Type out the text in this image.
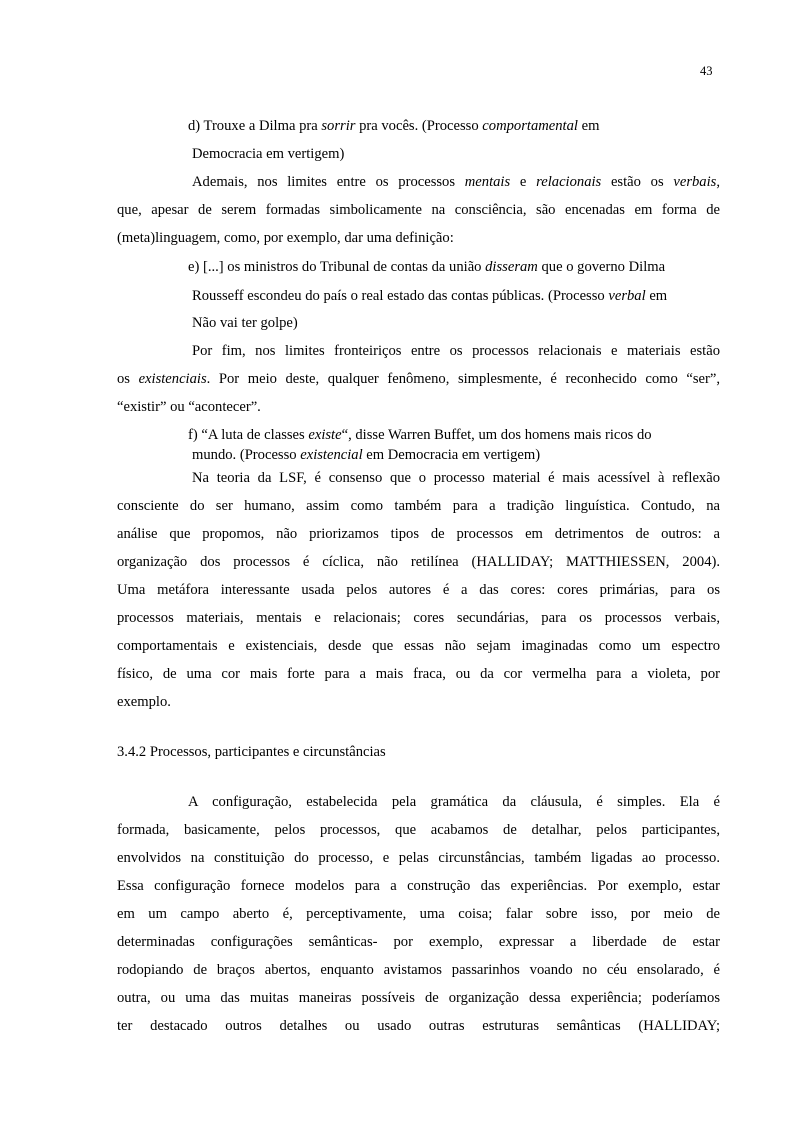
43
d) Trouxe a Dilma pra sorrir pra vocês. (Processo comportamental em
Democracia em vertigem)
Ademais, nos limites entre os processos mentais e relacionais estão os verbais,
que, apesar de serem formadas simbolicamente na consciência, são encenadas em forma de
(meta)linguagem, como, por exemplo, dar uma definição:
e) [...] os ministros do Tribunal de contas da união disseram que o governo Dilma
Rousseff escondeu do país o real estado das contas públicas. (Processo verbal em
Não vai ter golpe)
Por fim, nos limites fronteiriços entre os processos relacionais e materiais estão
os existenciais. Por meio deste, qualquer fenômeno, simplesmente, é reconhecido como “ser”,
“existir” ou “acontecer”.
f) “A luta de classes existe“, disse Warren Buffet, um dos homens mais ricos do
mundo. (Processo existencial em Democracia em vertigem)
Na teoria da LSF, é consenso que o processo material é mais acessível à reflexão
consciente do ser humano, assim como também para a tradição linguística. Contudo, na
análise que propomos, não priorizamos tipos de processos em detrimentos de outros: a
organização dos processos é cíclica, não retilínea (HALLIDAY; MATTHIESSEN, 2004).
Uma metáfora interessante usada pelos autores é a das cores: cores primárias, para os
processos materiais, mentais e relacionais; cores secundárias, para os processos verbais,
comportamentais e existenciais, desde que essas não sejam imaginadas como um espectro
físico, de uma cor mais forte para a mais fraca, ou da cor vermelha para a violeta, por
exemplo.
3.4.2 Processos, participantes e circunstâncias
A configuração, estabelecida pela gramática da cláusula, é simples. Ela é
formada, basicamente, pelos processos, que acabamos de detalhar, pelos participantes,
envolvidos na constituição do processo, e pelas circunstâncias, também ligadas ao processo.
Essa configuração fornece modelos para a construção das experiências. Por exemplo, estar
em um campo aberto é, perceptivamente, uma coisa; falar sobre isso, por meio de
determinadas configurações semânticas- por exemplo, expressar a liberdade de estar
rodopiando de braços abertos, enquanto avistamos passarinhos voando no céu ensolarado, é
outra, ou uma das muitas maneiras possíveis de organização dessa experiência; poderíamos
ter destacado outros detalhes ou usado outras estruturas semânticas (HALLIDAY;
